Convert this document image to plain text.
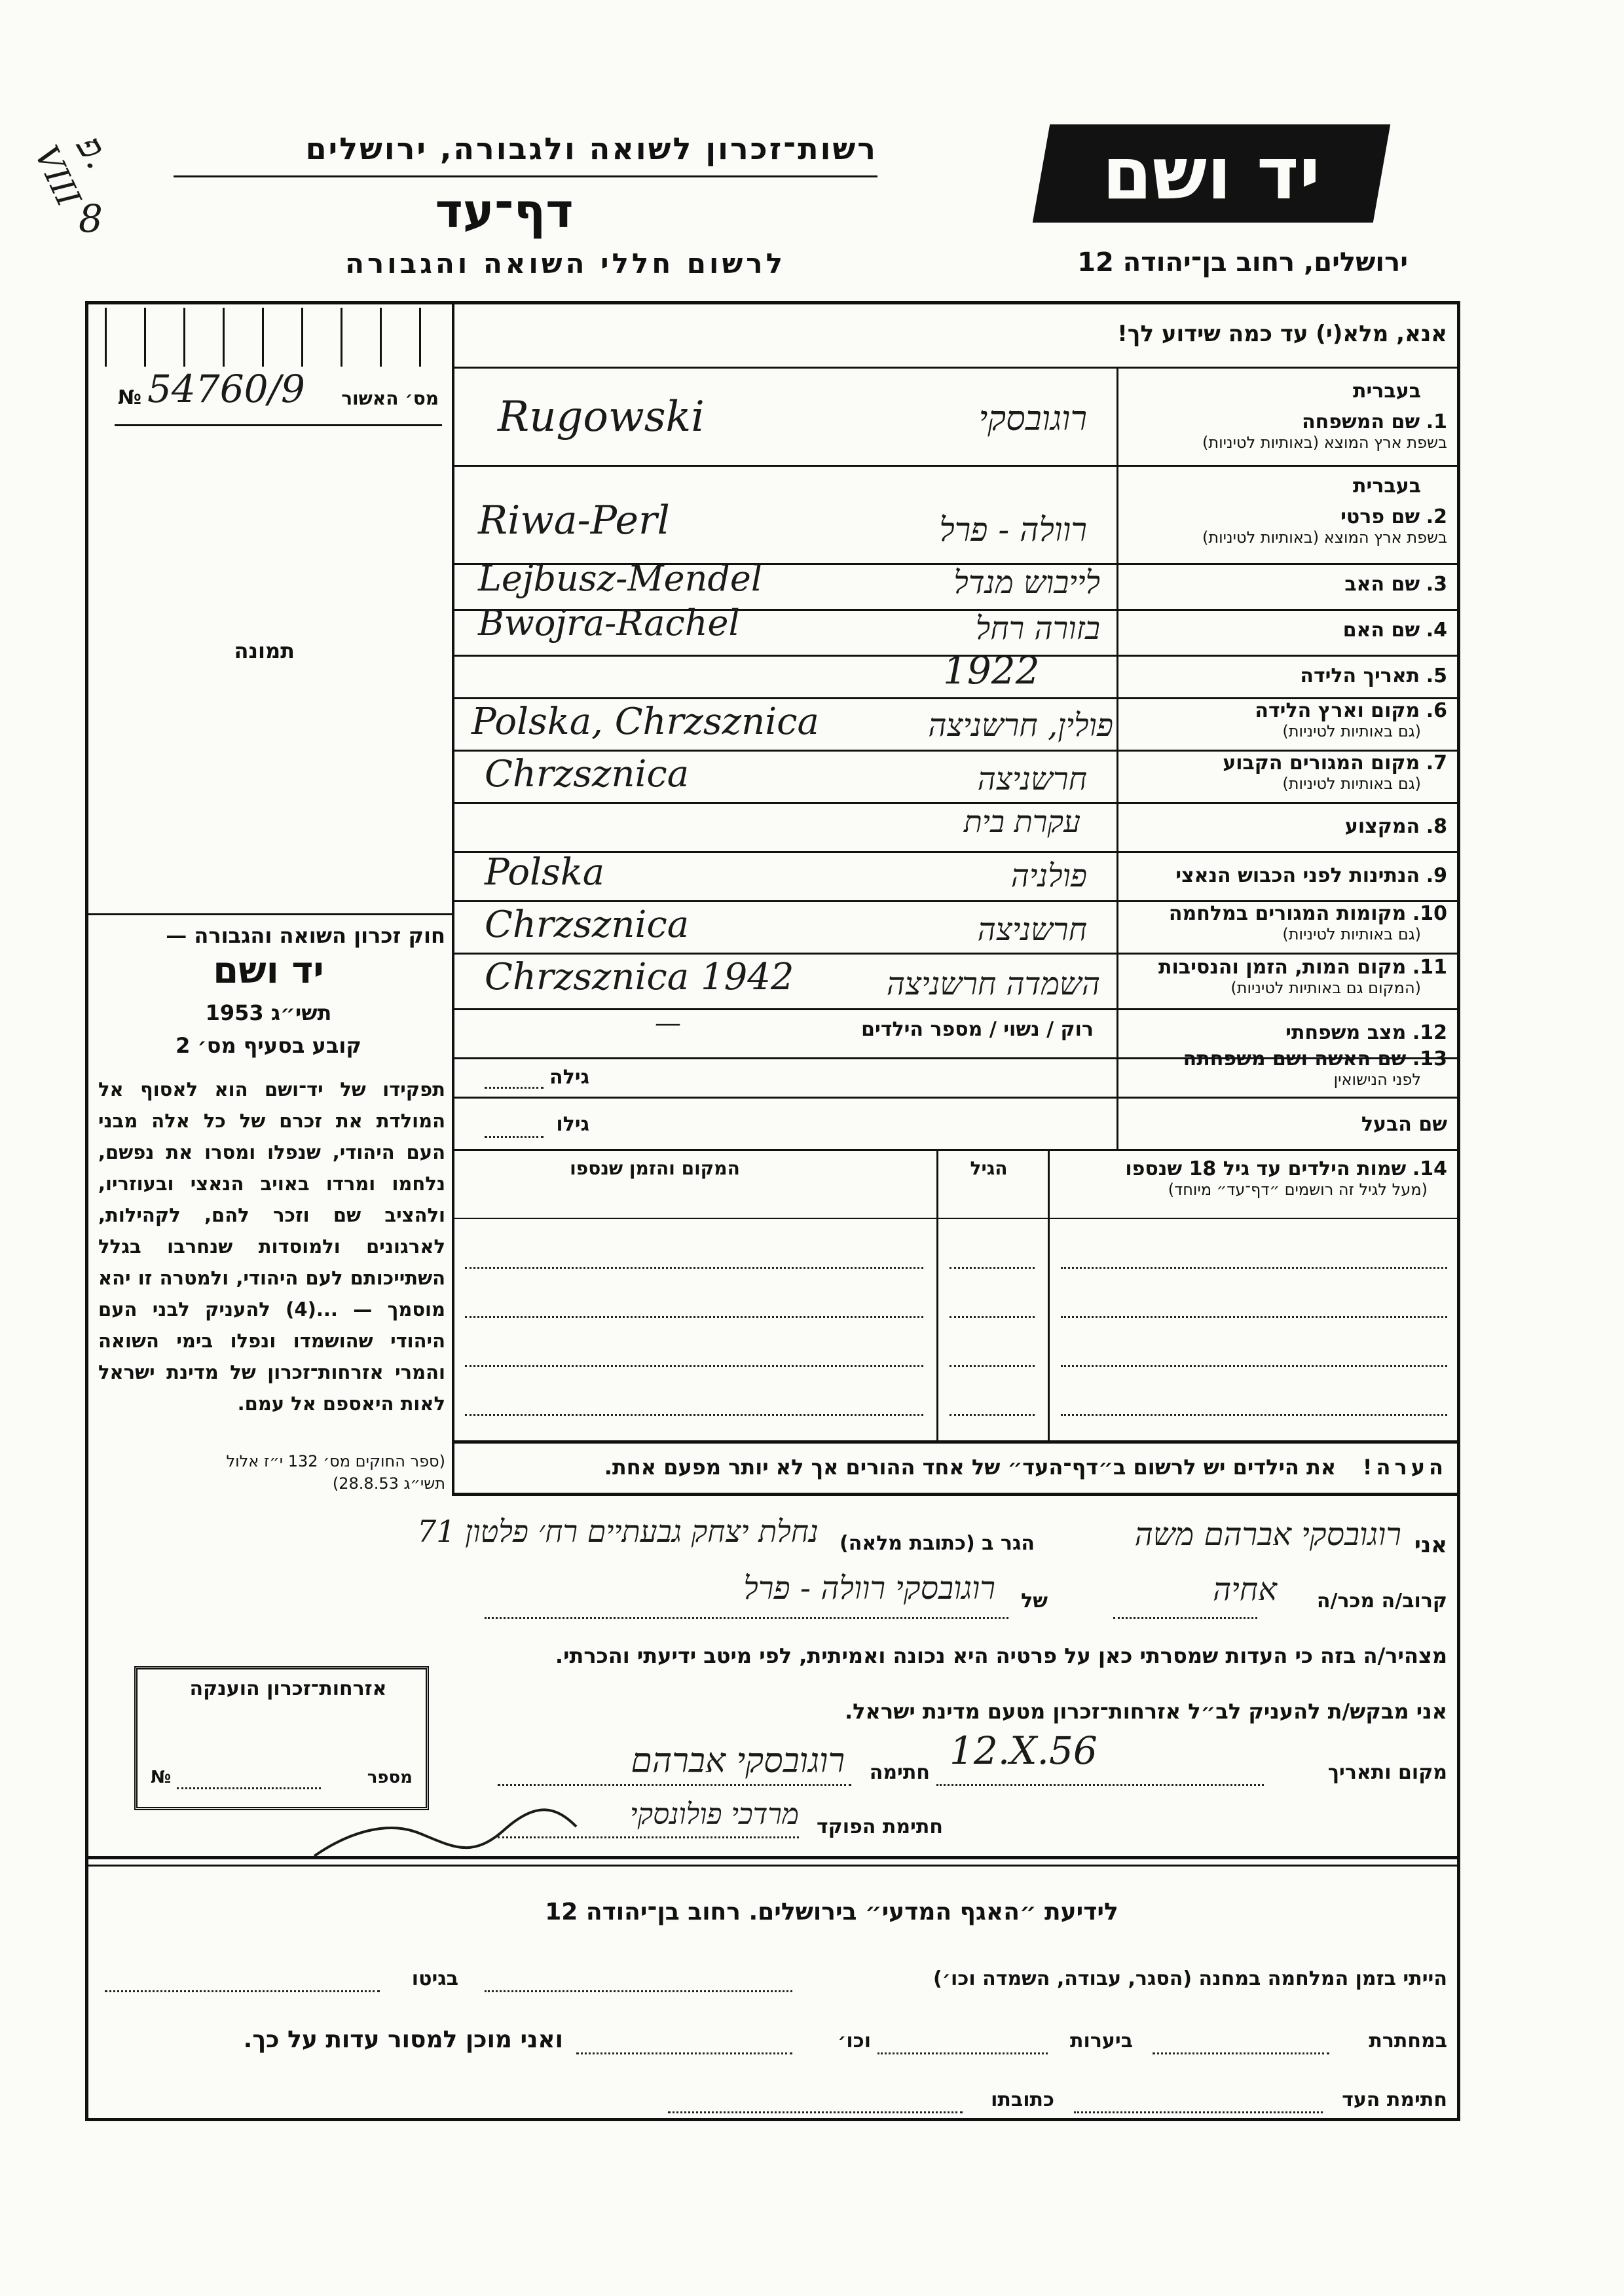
פ.
VIII
8
רשות־זכרון לשואה ולגבורה, ירושלים
דף־עד
לרשום חללי השואה והגבורה
יד ושם
ירושלים, רחוב בן־יהודה 12
№ 54760/9	מס׳ האשור
תמונה
חוק זכרון השואה והגבורה —
יד ושם
תשי״ג 1953
קובע בסעיף מס׳ 2
תפקידו של יד־ושם הוא לאסוף אל המולדת את זכרם של כל אלה מבני העם היהודי, שנפלו ומסרו את נפשם, נלחמו ומרדו באויב הנאצי ובעוזריו, ולהציב שם וזכר להם, לקהילות, לארגונים ולמוסדות שנחרבו בגלל השתייכותם לעם היהודי, ולמטרה זו יהא מוסמך — ...(4) להעניק לבני העם היהודי שהושמדו ונפלו בימי השואה והמרי אזרחות־זכרון של מדינת ישראל לאות היאספם אל עמם.
(ספר החוקים מס׳ 132 י״ז אלול תשי״ג 28.8.53)
אנא, מלא(י) עד כמה שידוע לך!
בעברית
1. שם המשפחה
בשפת ארץ המוצא (באותיות לטיניות)
Rugowski	רוגובסקי
בעברית
2. שם פרטי
בשפת ארץ המוצא (באותיות לטיניות)
Riwa-Perl	רוולה - פרל
3. שם האב
Lejbusz-Mendel	לייבוש מנדל
4. שם האם
Bwojra-Rachel	בזורה רחל
5. תאריך הלידה
1922
6. מקום וארץ הלידה
(גם באותיות לטיניות)
Polska, Chrzsznica	פולין, חרשניצה
7. מקום המגורים הקבוע
(גם באותיות לטיניות)
Chrzsznica	חרשניצה
8. המקצוע
עקרת בית
9. הנתינות לפני הכבוש הנאצי
Polska	פולניה
10. מקומות המגורים במלחמה
(גם באותיות לטיניות)
Chrzsznica	חרשניצה
11. מקום המות, הזמן והנסיבות
(המקום גם באותיות לטיניות)
Chrzsznica 1942	השמדה חרשניצה
12. מצב משפחתי
רוק / נשוי / מספר הילדים
—
13. שם האשה ושם משפחתה
לפני הנישואין
גילה
שם הבעל
גילו
14. שמות הילדים עד גיל 18 שנספו
(מעל לגיל זה רושמים ״דף־עד״ מיוחד)
הגיל
המקום והזמן שנספו
הערה!    את הילדים יש לרשום ב״דף־העד״ של אחד ההורים אך לא יותר מפעם אחת.
אני
רוגובסקי אברהם משה
הגר ב (כתובת מלאה)
נחלת יצחק גבעתיים רח׳ פלטון 71
קרוב/ה מכר/ה
אחיה
של
רוגובסקי רוולה - פרל
מצהיר/ה בזה כי העדות שמסרתי כאן על פרטיה היא נכונה ואמיתית, לפי מיטב ידיעתי והכרתי.
אני מבקש/ת להעניק לב״ל אזרחות־זכרון מטעם מדינת ישראל.
מקום ותאריך
12.X.56
חתימה
רוגובסקי אברהם
חתימת הפוקד
מרדכי פולונסקי
אזרחות־זכרון הוענקה
מספר
№
לידיעת ״האגף המדעי״ בירושלים. רחוב בן־יהודה 12
הייתי בזמן המלחמה במחנה (הסגר, עבודה, השמדה וכו׳)
בגיטו
במחתרת
ביערות
וכו׳
ואני מוכן למסור עדות על כך.
חתימת העד
כתובתו
